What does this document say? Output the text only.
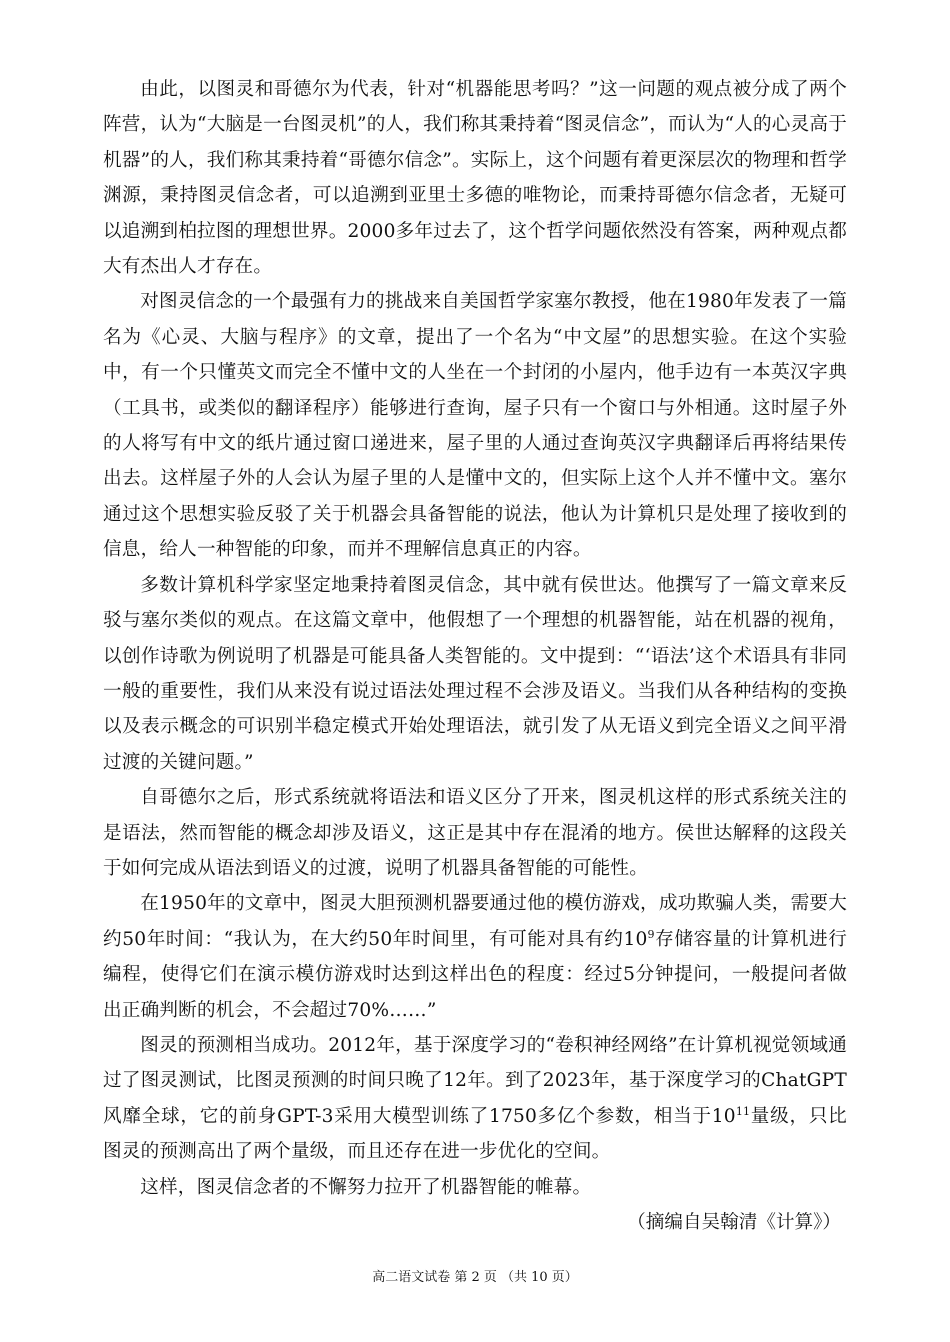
由此，以图灵和哥德尔为代表，针对“机器能思考吗？”这一问题的观点被分成了两个阵营，认为“大脑是一台图灵机”的人，我们称其秉持着“图灵信念”，而认为“人的心灵高于机器”的人，我们称其秉持着“哥德尔信念”。实际上，这个问题有着更深层次的物理和哲学渊源，秉持图灵信念者，可以追溯到亚里士多德的唯物论，而秉持哥德尔信念者，无疑可以追溯到柏拉图的理想世界。2000多年过去了，这个哲学问题依然没有答案，两种观点都大有杰出人才存在。

对图灵信念的一个最强有力的挑战来自美国哲学家塞尔教授，他在1980年发表了一篇名为《心灵、大脑与程序》的文章，提出了一个名为“中文屋”的思想实验。在这个实验中，有一个只懂英文而完全不懂中文的人坐在一个封闭的小屋内，他手边有一本英汉字典（工具书，或类似的翻译程序）能够进行查询，屋子只有一个窗口与外相通。这时屋子外的人将写有中文的纸片通过窗口递进来，屋子里的人通过查询英汉字典翻译后再将结果传出去。这样屋子外的人会认为屋子里的人是懂中文的，但实际上这个人并不懂中文。塞尔通过这个思想实验反驳了关于机器会具备智能的说法，他认为计算机只是处理了接收到的信息，给人一种智能的印象，而并不理解信息真正的内容。

多数计算机科学家坚定地秉持着图灵信念，其中就有侯世达。他撰写了一篇文章来反驳与塞尔类似的观点。在这篇文章中，他假想了一个理想的机器智能，站在机器的视角，以创作诗歌为例说明了机器是可能具备人类智能的。文中提到：“‘语法’这个术语具有非同一般的重要性，我们从来没有说过语法处理过程不会涉及语义。当我们从各种结构的变换以及表示概念的可识别半稳定模式开始处理语法，就引发了从无语义到完全语义之间平滑过渡的关键问题。”

自哥德尔之后，形式系统就将语法和语义区分了开来，图灵机这样的形式系统关注的是语法，然而智能的概念却涉及语义，这正是其中存在混淆的地方。侯世达解释的这段关于如何完成从语法到语义的过渡，说明了机器具备智能的可能性。

在1950年的文章中，图灵大胆预测机器要通过他的模仿游戏，成功欺骗人类，需要大约50年时间：“我认为，在大约50年时间里，有可能对具有约$10^9$存储容量的计算机进行编程，使得它们在演示模仿游戏时达到这样出色的程度：经过5分钟提问，一般提问者做出正确判断的机会，不会超过70%……”

图灵的预测相当成功。2012年，基于深度学习的“卷积神经网络”在计算机视觉领域通过了图灵测试，比图灵预测的时间只晚了12年。到了2023年，基于深度学习的ChatGPT风靡全球，它的前身GPT-3采用大模型训练了1750多亿个参数，相当于$10^{11}$量级，只比图灵的预测高出了两个量级，而且还存在进一步优化的空间。

这样，图灵信念者的不懈努力拉开了机器智能的帷幕。

（摘编自吴翰清《计算》）

高二语文试卷 第 2 页 （共 10 页）
